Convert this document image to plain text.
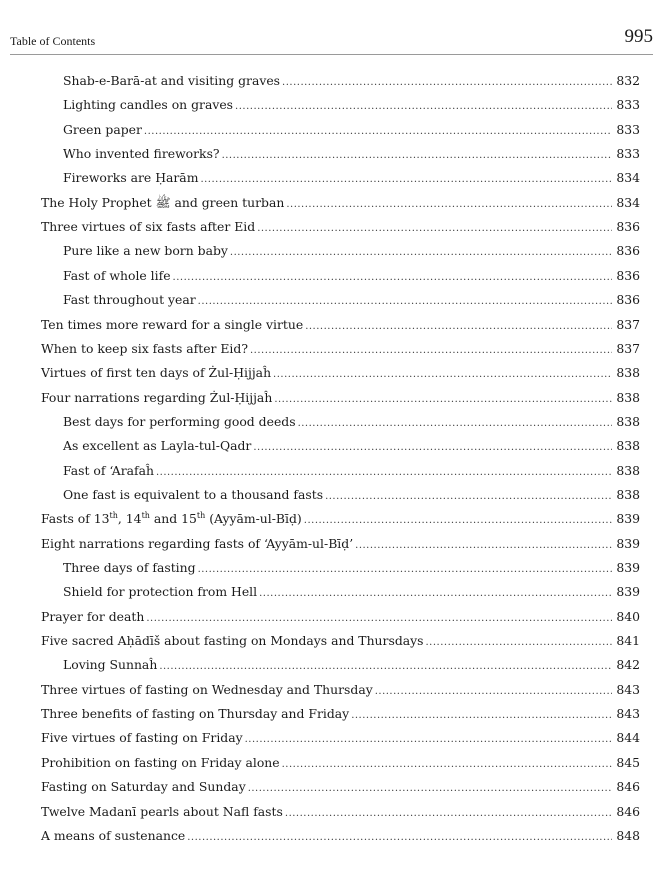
Table of Contents	995
Shab-e-Barā-at and visiting graves .....	832
Lighting candles on graves .....	833
Green paper .....	833
Who invented fireworks? .....	833
Fireworks are Ḥarām .....	834
The Holy Prophet ﷺ and green turban .....	834
Three virtues of six fasts after Eid .....	836
Pure like a new born baby .....	836
Fast of whole life .....	836
Fast throughout year .....	836
Ten times more reward for a single virtue .....	837
When to keep six fasts after Eid? .....	837
Virtues of first ten days of Żul-Ḥijjaĥ .....	838
Four narrations regarding Żul-Ḥijjaĥ .....	838
Best days for performing good deeds .....	838
As excellent as Layla-tul-Qadr .....	838
Fast of ‘Arafaĥ .....	838
One fast is equivalent to a thousand fasts .....	838
Fasts of 13th, 14th and 15th (Ayyām-ul-Bīḍ) .....	839
Eight narrations regarding fasts of ‘Ayyām-ul-Bīḍ’ .....	839
Three days of fasting .....	839
Shield for protection from Hell .....	839
Prayer for death .....	840
Five sacred Aḥādīš about fasting on Mondays and Thursdays .....	841
Loving Sunnaĥ .....	842
Three virtues of fasting on Wednesday and Thursday .....	843
Three benefits of fasting on Thursday and Friday .....	843
Five virtues of fasting on Friday .....	844
Prohibition on fasting on Friday alone .....	845
Fasting on Saturday and Sunday .....	846
Twelve Madanī pearls about Nafl fasts .....	846
A means of sustenance .....	848
